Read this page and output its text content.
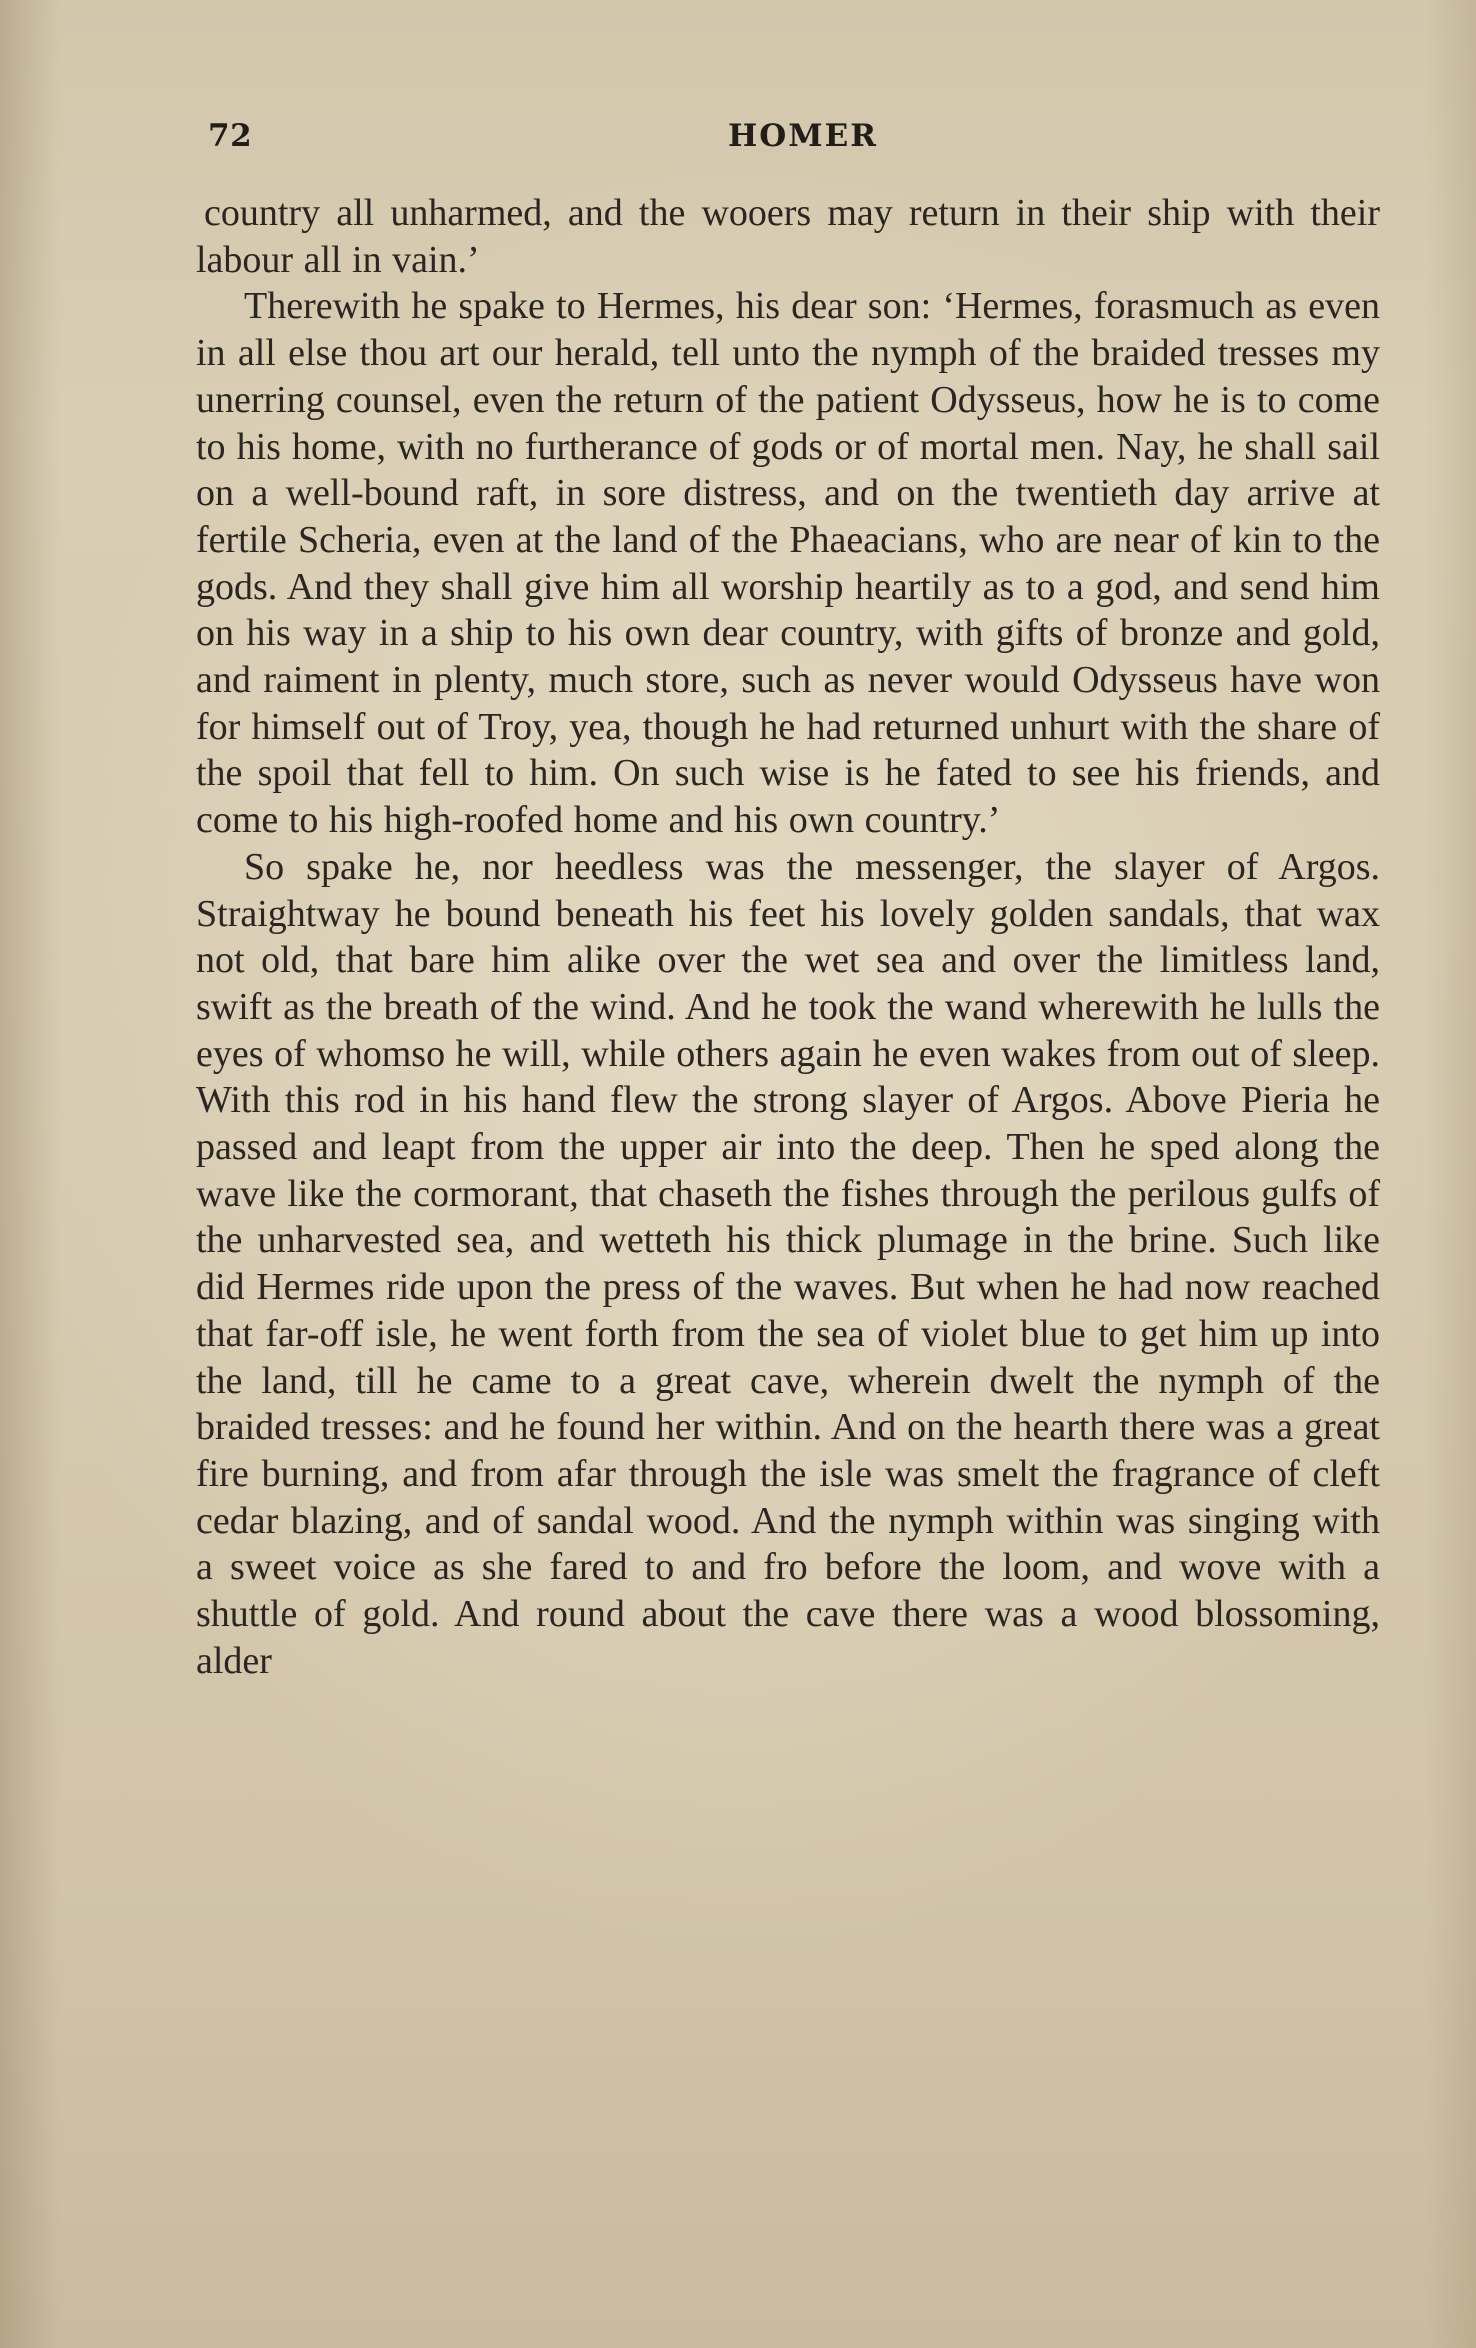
72	HOMER

country all unharmed, and the wooers may return in their ship with their labour all in vain.’

Therewith he spake to Hermes, his dear son: ‘Hermes, forasmuch as even in all else thou art our herald, tell unto the nymph of the braided tresses my unerring counsel, even the return of the patient Odysseus, how he is to come to his home, with no furtherance of gods or of mortal men. Nay, he shall sail on a well-bound raft, in sore distress, and on the twentieth day arrive at fertile Scheria, even at the land of the Phaeacians, who are near of kin to the gods. And they shall give him all worship heartily as to a god, and send him on his way in a ship to his own dear country, with gifts of bronze and gold, and raiment in plenty, much store, such as never would Odysseus have won for himself out of Troy, yea, though he had returned unhurt with the share of the spoil that fell to him. On such wise is he fated to see his friends, and come to his high-roofed home and his own country.’

So spake he, nor heedless was the messenger, the slayer of Argos. Straightway he bound beneath his feet his lovely golden sandals, that wax not old, that bare him alike over the wet sea and over the limitless land, swift as the breath of the wind. And he took the wand wherewith he lulls the eyes of whomso he will, while others again he even wakes from out of sleep. With this rod in his hand flew the strong slayer of Argos. Above Pieria he passed and leapt from the upper air into the deep. Then he sped along the wave like the cormorant, that chaseth the fishes through the perilous gulfs of the unharvested sea, and wetteth his thick plumage in the brine. Such like did Hermes ride upon the press of the waves. But when he had now reached that far-off isle, he went forth from the sea of violet blue to get him up into the land, till he came to a great cave, wherein dwelt the nymph of the braided tresses: and he found her within. And on the hearth there was a great fire burning, and from afar through the isle was smelt the fragrance of cleft cedar blazing, and of sandal wood. And the nymph within was singing with a sweet voice as she fared to and fro before the loom, and wove with a shuttle of gold. And round about the cave there was a wood blossoming, alder
